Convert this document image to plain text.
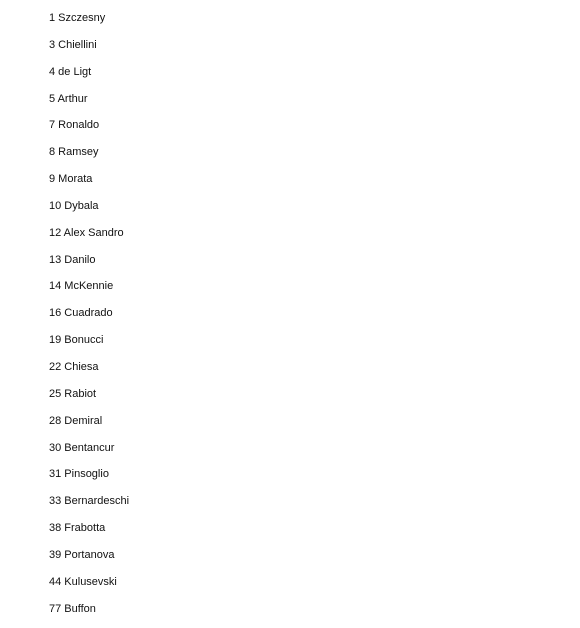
1 Szczesny
3 Chiellini
4 de Ligt
5 Arthur
7 Ronaldo
8 Ramsey
9 Morata
10 Dybala
12 Alex Sandro
13 Danilo
14 McKennie
16 Cuadrado
19 Bonucci
22 Chiesa
25 Rabiot
28 Demiral
30 Bentancur
31 Pinsoglio
33 Bernardeschi
38 Frabotta
39 Portanova
44 Kulusevski
77 Buffon
